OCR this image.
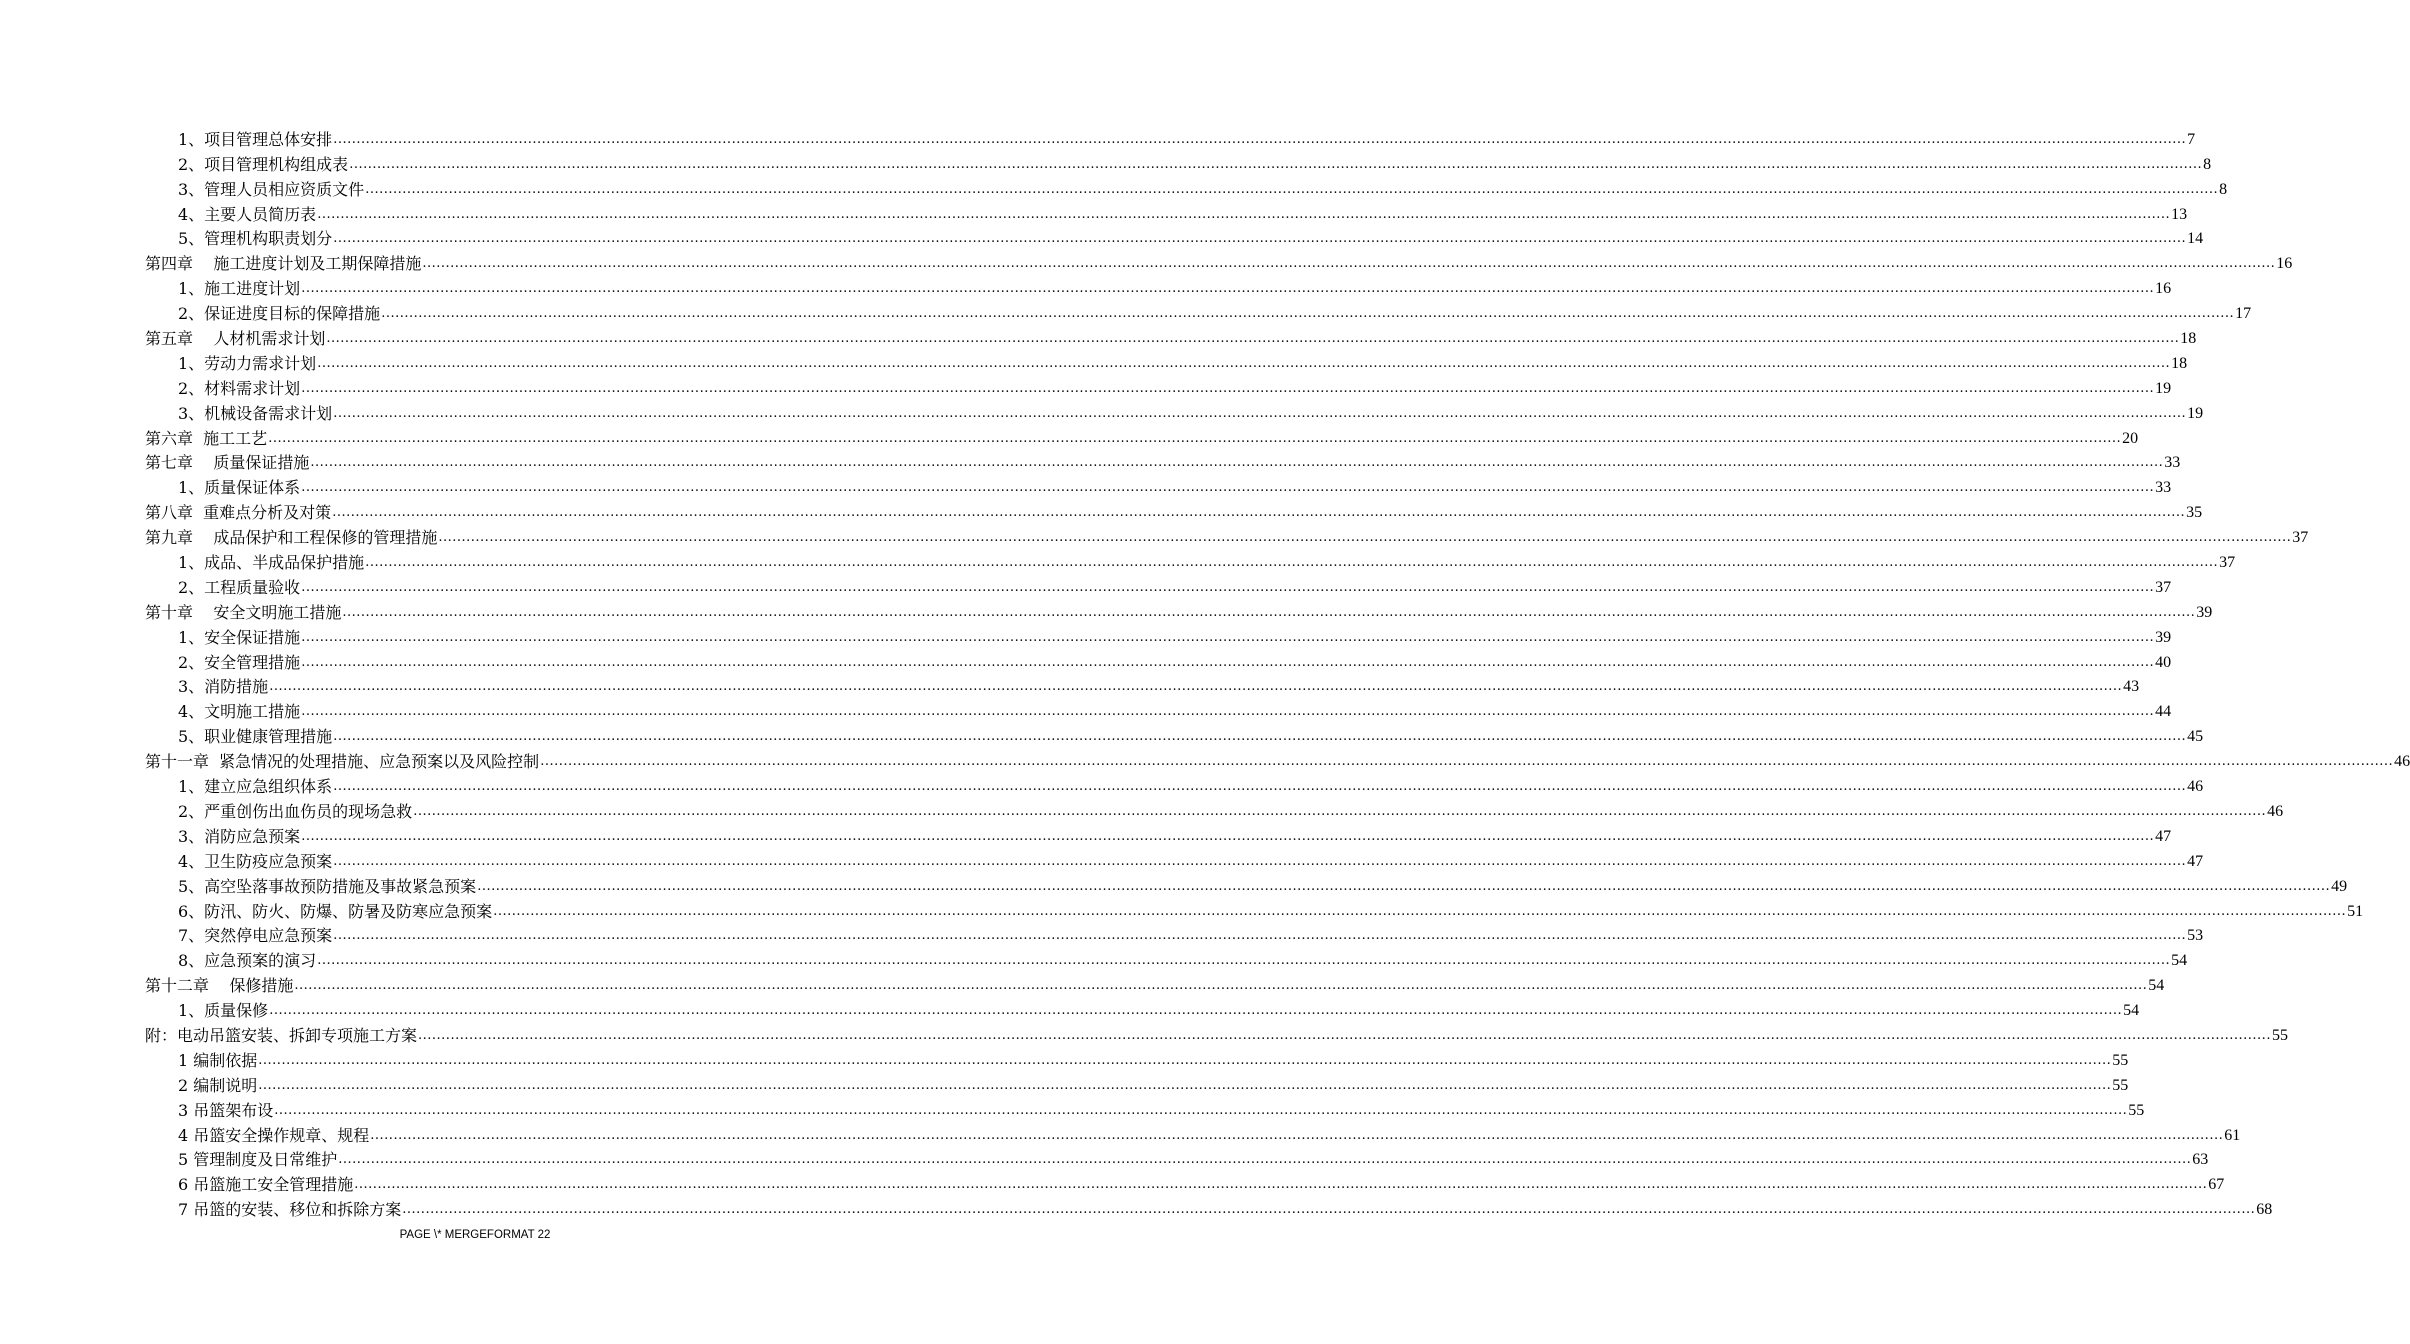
1、项目管理总体安排 ................................................................................................................................................................................................................................................................................................................................................................................................................ 7
2、项目管理机构组成表 ................................................................................................................................................................................................................................................................................................................................................................................................................ 8
3、管理人员相应资质文件 ................................................................................................................................................................................................................................................................................................................................................................................................................ 8
4、主要人员简历表 ................................................................................................................................................................................................................................................................................................................................................................................................................ 13
5、管理机构职责划分 ................................................................................................................................................................................................................................................................................................................................................................................................................ 14
第四章    施工进度计划及工期保障措施 ................................................................................................................................................................................................................................................................................................................................................................................................................ 16
1、施工进度计划 ................................................................................................................................................................................................................................................................................................................................................................................................................ 16
2、保证进度目标的保障措施 ................................................................................................................................................................................................................................................................................................................................................................................................................ 17
第五章    人材机需求计划 ................................................................................................................................................................................................................................................................................................................................................................................................................ 18
1、劳动力需求计划 ................................................................................................................................................................................................................................................................................................................................................................................................................ 18
2、材料需求计划 ................................................................................................................................................................................................................................................................................................................................................................................................................ 19
3、机械设备需求计划 ................................................................................................................................................................................................................................................................................................................................................................................................................ 19
第六章  施工工艺 ................................................................................................................................................................................................................................................................................................................................................................................................................ 20
第七章    质量保证措施 ................................................................................................................................................................................................................................................................................................................................................................................................................ 33
1、质量保证体系 ................................................................................................................................................................................................................................................................................................................................................................................................................ 33
第八章  重难点分析及对策 ................................................................................................................................................................................................................................................................................................................................................................................................................ 35
第九章    成品保护和工程保修的管理措施 ................................................................................................................................................................................................................................................................................................................................................................................................................ 37
1、成品、半成品保护措施 ................................................................................................................................................................................................................................................................................................................................................................................................................ 37
2、工程质量验收 ................................................................................................................................................................................................................................................................................................................................................................................................................ 37
第十章    安全文明施工措施 ................................................................................................................................................................................................................................................................................................................................................................................................................ 39
1、安全保证措施 ................................................................................................................................................................................................................................................................................................................................................................................................................ 39
2、安全管理措施 ................................................................................................................................................................................................................................................................................................................................................................................................................ 40
3、消防措施 ................................................................................................................................................................................................................................................................................................................................................................................................................ 43
4、文明施工措施 ................................................................................................................................................................................................................................................................................................................................................................................................................ 44
5、职业健康管理措施 ................................................................................................................................................................................................................................................................................................................................................................................................................ 45
第十一章  紧急情况的处理措施、应急预案以及风险控制 ................................................................................................................................................................................................................................................................................................................................................................................................................ 46
1、建立应急组织体系 ................................................................................................................................................................................................................................................................................................................................................................................................................ 46
2、严重创伤出血伤员的现场急救 ................................................................................................................................................................................................................................................................................................................................................................................................................ 46
3、消防应急预案 ................................................................................................................................................................................................................................................................................................................................................................................................................ 47
4、卫生防疫应急预案 ................................................................................................................................................................................................................................................................................................................................................................................................................ 47
5、高空坠落事故预防措施及事故紧急预案 ................................................................................................................................................................................................................................................................................................................................................................................................................ 49
6、防汛、防火、防爆、防暑及防寒应急预案 ................................................................................................................................................................................................................................................................................................................................................................................................................ 51
7、突然停电应急预案 ................................................................................................................................................................................................................................................................................................................................................................................................................ 53
8、应急预案的演习 ................................................................................................................................................................................................................................................................................................................................................................................................................ 54
第十二章    保修措施 ................................................................................................................................................................................................................................................................................................................................................................................................................ 54
1、质量保修 ................................................................................................................................................................................................................................................................................................................................................................................................................ 54
附：电动吊篮安装、拆卸专项施工方案 ................................................................................................................................................................................................................................................................................................................................................................................................................ 55
1 编制依据 ................................................................................................................................................................................................................................................................................................................................................................................................................ 55
2 编制说明 ................................................................................................................................................................................................................................................................................................................................................................................................................ 55
3 吊篮架布设 ................................................................................................................................................................................................................................................................................................................................................................................................................ 55
4 吊篮安全操作规章、规程 ................................................................................................................................................................................................................................................................................................................................................................................................................ 61
5 管理制度及日常维护 ................................................................................................................................................................................................................................................................................................................................................................................................................ 63
6 吊篮施工安全管理措施 ................................................................................................................................................................................................................................................................................................................................................................................................................ 67
7 吊篮的安装、移位和拆除方案 ................................................................................................................................................................................................................................................................................................................................................................................................................ 68
PAGE \* MERGEFORMAT 22
